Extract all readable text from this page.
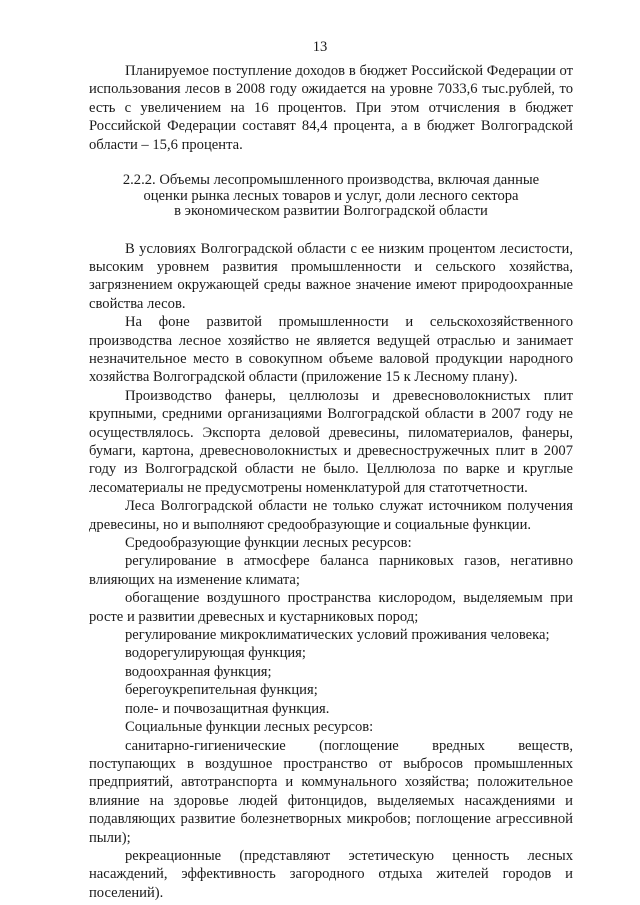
13

Планируемое поступление доходов в бюджет Российской Федерации от использования лесов в 2008 году ожидается на уровне 7033,6 тыс.рублей, то есть с увеличением на 16 процентов. При этом отчисления в бюджет Российской Федерации составят 84,4 процента, а в бюджет Волгоградской области – 15,6 процента.

2.2.2. Объемы лесопромышленного производства, включая данные
оценки рынка лесных товаров и услуг, доли лесного сектора
в экономическом развитии Волгоградской области

В условиях Волгоградской области с ее низким процентом лесистости, высоким уровнем развития промышленности и сельского хозяйства, загрязнением окружающей среды важное значение имеют природоохранные свойства лесов.

На фоне развитой промышленности и сельскохозяйственного производства лесное хозяйство не является ведущей отраслью и занимает незначительное место в совокупном объеме валовой продукции народного хозяйства Волгоградской области (приложение 15 к Лесному плану).

Производство фанеры, целлюлозы и древесноволокнистых плит крупными, средними организациями Волгоградской области в 2007 году не осуществлялось. Экспорта деловой древесины, пиломатериалов, фанеры, бумаги, картона, древесноволокнистых и древесностружечных плит в 2007 году из Волгоградской области не было. Целлюлоза по варке и круглые лесоматериалы не предусмотрены номенклатурой для статотчетности.

Леса Волгоградской области не только служат источником получения древесины, но и выполняют средообразующие и социальные функции.

Средообразующие функции лесных ресурсов:

регулирование в атмосфере баланса парниковых газов, негативно влияющих на изменение климата;

обогащение воздушного пространства кислородом, выделяемым при росте и развитии древесных и кустарниковых пород;

регулирование микроклиматических условий проживания человека;

водорегулирующая функция;

водоохранная функция;

берегоукрепительная функция;

поле- и почвозащитная функция.

Социальные функции лесных ресурсов:

санитарно-гигиенические (поглощение вредных веществ, поступающих в воздушное пространство от выбросов промышленных предприятий, автотранспорта и коммунального хозяйства; положительное влияние на здоровье людей фитонцидов, выделяемых насаждениями и подавляющих развитие болезнетворных микробов; поглощение агрессивной пыли);

рекреационные (представляют эстетическую ценность лесных насаждений, эффективность загородного отдыха жителей городов и поселений).
